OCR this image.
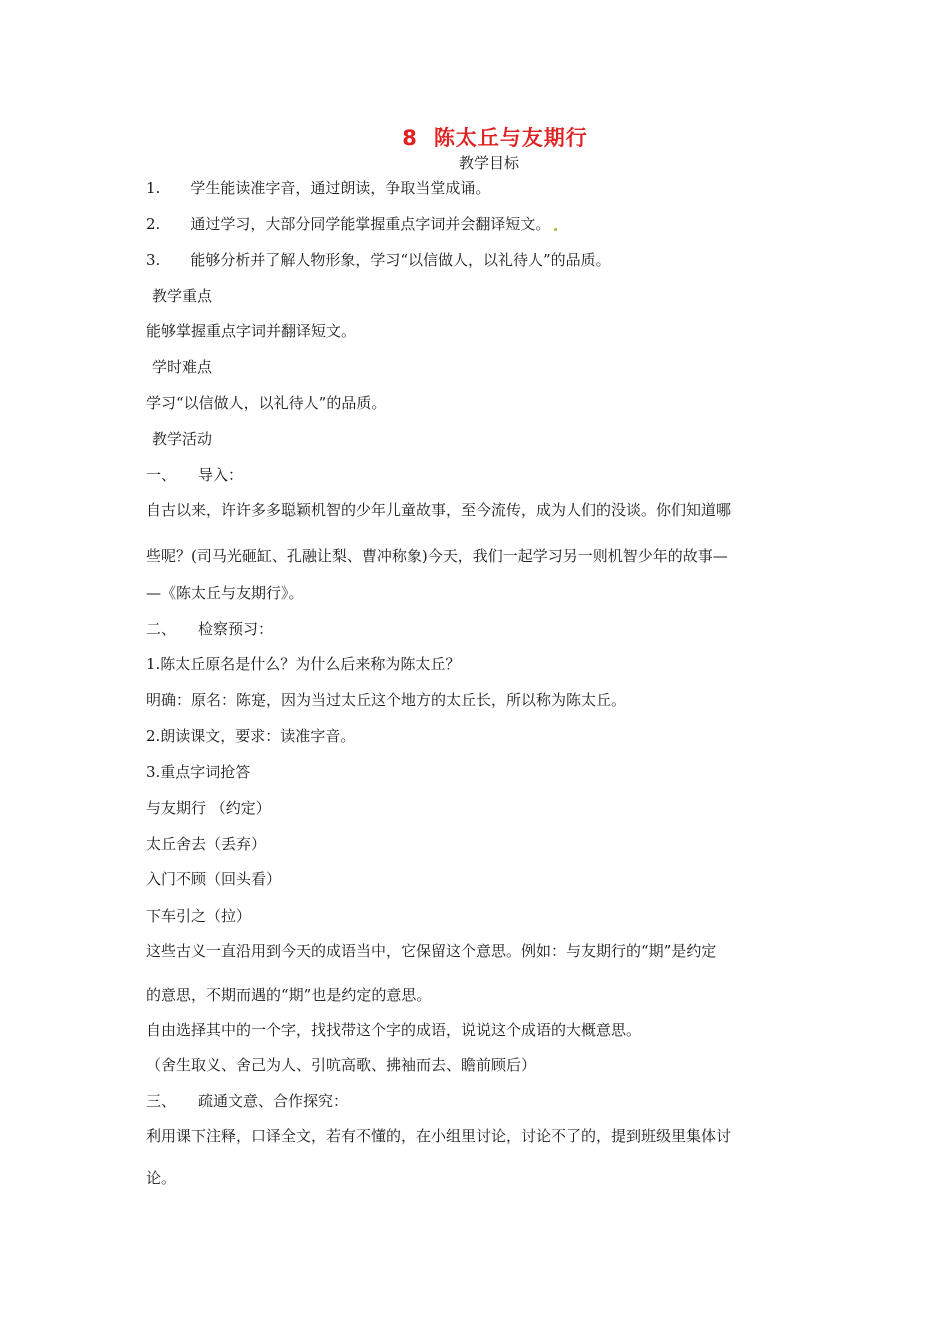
8 陈太丘与友期行
教学目标
1. 学生能读准字音，通过朗读，争取当堂成诵。
2. 通过学习，大部分同学能掌握重点字词并会翻译短文。
3. 能够分析并了解人物形象，学习“以信做人，以礼待人”的品质。
教学重点
能够掌握重点字词并翻译短文。
学时难点
学习“以信做人，以礼待人”的品质。
教学活动
一、 导入：
自古以来，许许多多聪颖机智的少年儿童故事，至今流传，成为人们的没谈。你们知道哪
些呢？(司马光砸缸、孔融让梨、曹冲称象)今天，我们一起学习另一则机智少年的故事—
—《陈太丘与友期行》。
二、 检察预习：
1.陈太丘原名是什么？为什么后来称为陈太丘？
明确：原名：陈寔，因为当过太丘这个地方的太丘长，所以称为陈太丘。
2.朗读课文，要求：读准字音。
3.重点字词抢答
与友期行 （约定）
太丘舍去（丢弃）
入门不顾（回头看）
下车引之（拉）
这些古义一直沿用到今天的成语当中，它保留这个意思。例如：与友期行的“期”是约定
的意思，不期而遇的“期”也是约定的意思。
自由选择其中的一个字，找找带这个字的成语，说说这个成语的大概意思。
（舍生取义、舍己为人、引吭高歌、拂袖而去、瞻前顾后）
三、 疏通文意、合作探究：
利用课下注释，口译全文，若有不懂的，在小组里讨论，讨论不了的，提到班级里集体讨
论。
